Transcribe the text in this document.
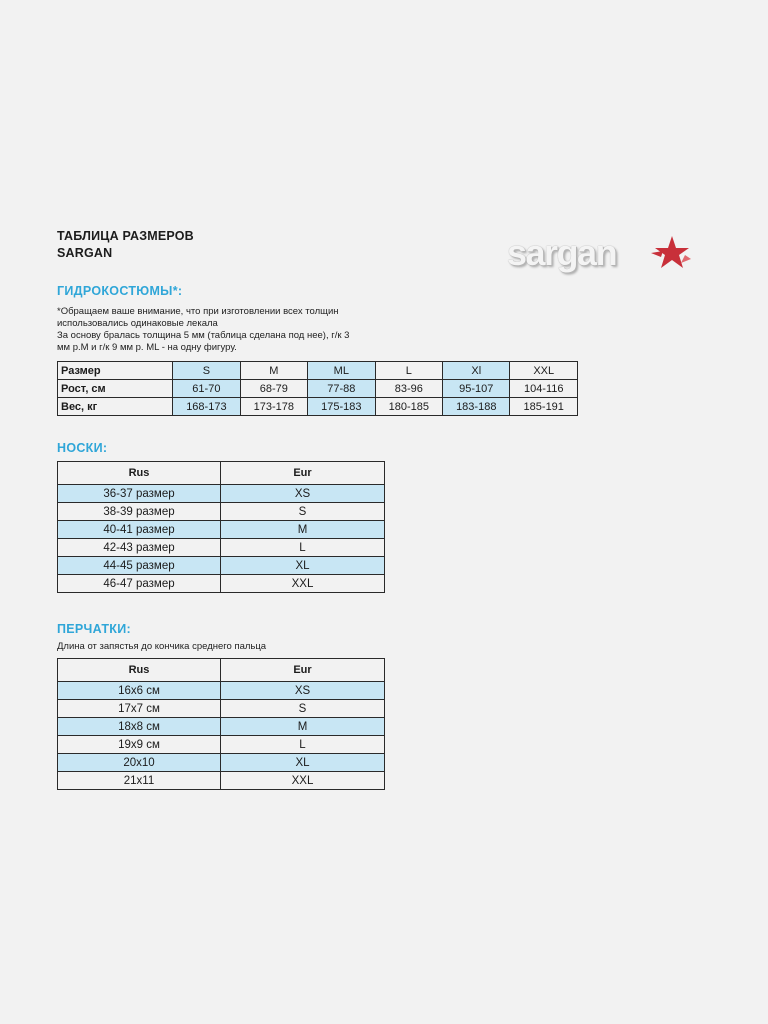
ТАБЛИЦА РАЗМЕРОВ
SARGAN	sargan
ГИДРОКОСТЮМЫ*:
*Обращаем ваше внимание, что при изготовлении всех толщин
использовались одинаковые лекала
За основу бралась толщина 5 мм (таблица сделана под нее), г/к 3
мм р.М и г/к 9 мм р. ML - на одну фигуру.
Размер	S	M	ML	L	Xl	XXL
Рост, см	61-70	68-79	77-88	83-96	95-107	104-116
Вес, кг	168-173	173-178	175-183	180-185	183-188	185-191
НОСКИ:
Rus	Eur
36-37 размер	XS
38-39 размер	S
40-41 размер	M
42-43 размер	L
44-45 размер	XL
46-47 размер	XXL
ПЕРЧАТКИ:
Длина от запястья до кончика среднего пальца
Rus	Eur
16х6 см	XS
17х7 см	S
18х8 см	M
19х9 см	L
20х10	XL
21х11	XXL
